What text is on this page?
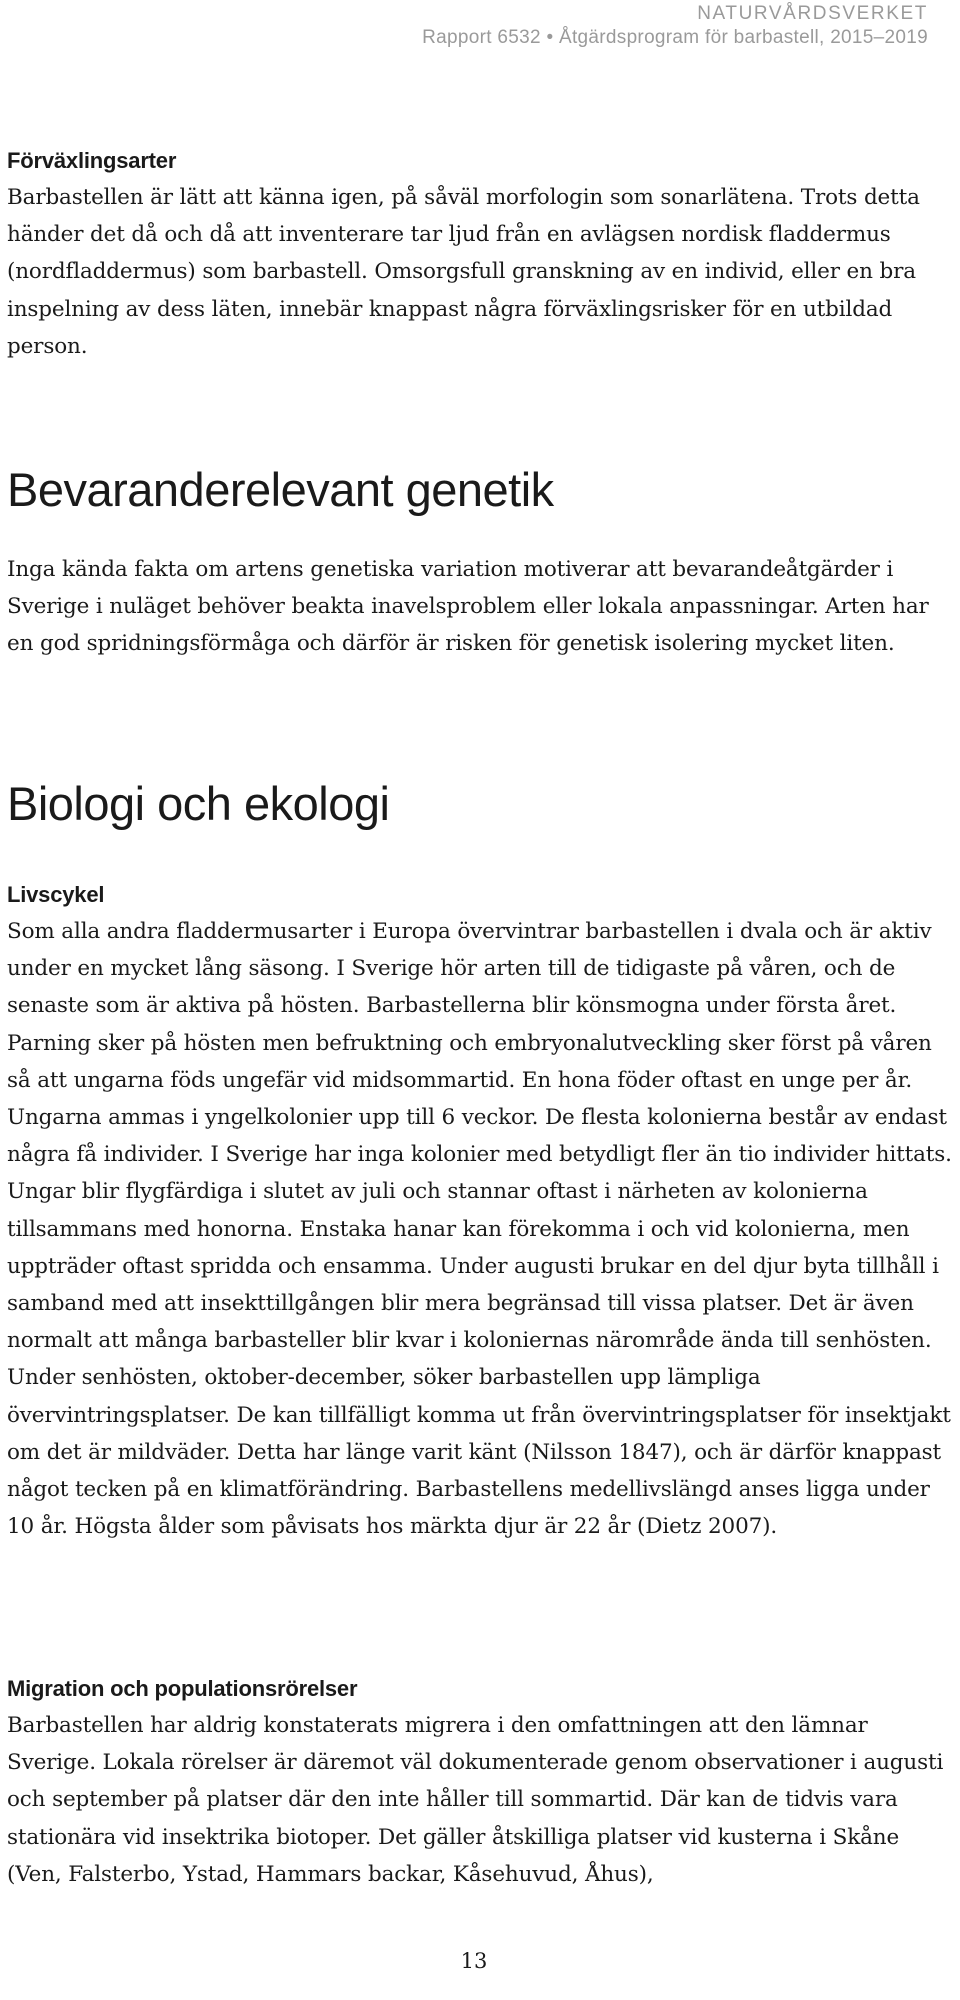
NATURVÅRDSVERKET
Rapport 6532 • Åtgärdsprogram för barbastell, 2015–2019
Förväxlingsarter

Barbastellen är lätt att känna igen, på såväl morfologin som sonarlätena. Trots detta händer det då och då att inventerare tar ljud från en avlägsen nordisk fladdermus (nordfladdermus) som barbastell. Omsorgsfull granskning av en individ, eller en bra inspelning av dess läten, innebär knappast några förväxlingsrisker för en utbildad person.

Bevaranderelevant genetik

Inga kända fakta om artens genetiska variation motiverar att bevarandeåtgärder i Sverige i nuläget behöver beakta inavelsproblem eller lokala anpassningar. Arten har en god spridningsförmåga och därför är risken för genetisk isolering mycket liten.

Biologi och ekologi
Livscykel

Som alla andra fladdermusarter i Europa övervintrar barbastellen i dvala och är aktiv under en mycket lång säsong. I Sverige hör arten till de tidigaste på våren, och de senaste som är aktiva på hösten. Barbastellerna blir könsmogna under första året. Parning sker på hösten men befruktning och embryonalutveckling sker först på våren så att ungarna föds ungefär vid midsommartid. En hona föder oftast en unge per år. Ungarna ammas i yngelkolonier upp till 6 veckor. De flesta kolonierna består av endast några få individer. I Sverige har inga kolonier med betydligt fler än tio individer hittats. Ungar blir flygfärdiga i slutet av juli och stannar oftast i närheten av kolonierna tillsammans med honorna. Enstaka hanar kan förekomma i och vid kolonierna, men uppträder oftast spridda och ensamma. Under augusti brukar en del djur byta tillhåll i samband med att insekttillgången blir mera begränsad till vissa platser. Det är även normalt att många barbasteller blir kvar i koloniernas närområde ända till senhösten. Under senhösten, oktober-december, söker barbastellen upp lämpliga övervintringsplatser. De kan tillfälligt komma ut från övervintringsplatser för insektjakt om det är mildväder. Detta har länge varit känt (Nilsson 1847), och är därför knappast något tecken på en klimatförändring. Barbastellens medellivslängd anses ligga under 10 år. Högsta ålder som påvisats hos märkta djur är 22 år (Dietz 2007).

Migration och populationsrörelser

Barbastellen har aldrig konstaterats migrera i den omfattningen att den lämnar Sverige. Lokala rörelser är däremot väl dokumenterade genom observationer i augusti och september på platser där den inte håller till sommartid. Där kan de tidvis vara stationära vid insektrika biotoper. Det gäller åtskilliga platser vid kusterna i Skåne (Ven, Falsterbo, Ystad, Hammars backar, Kåsehuvud, Åhus),

13
